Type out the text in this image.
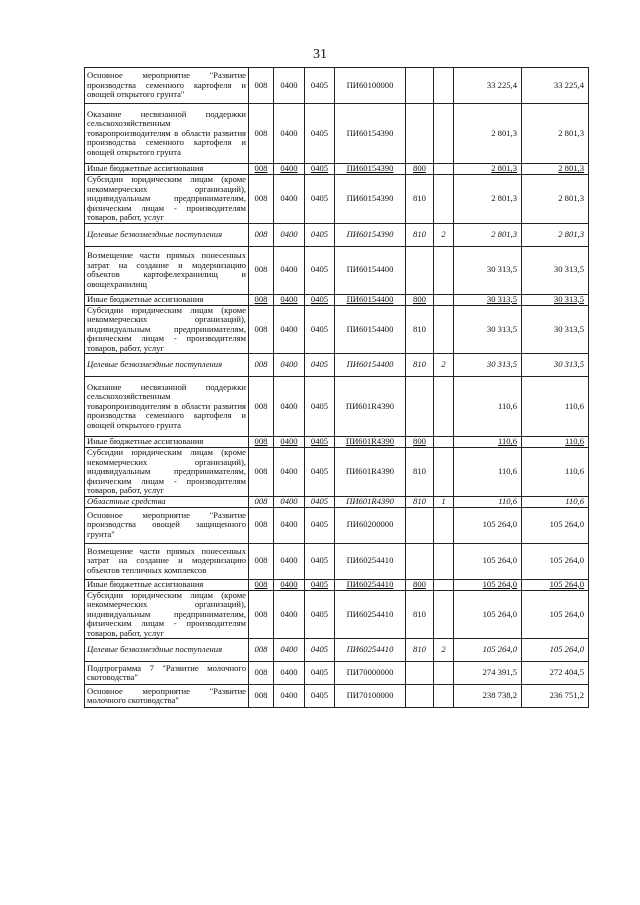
31
Основное мероприятие "Развитие производства семенного картофеля и овощей открытого грунта"	008	0400	0405	ПИ60100000			33 225,4	33 225,4
Оказание несвязанной поддержки сельскохозяйственным товаропроизводителям в области развития производства семенного картофеля и овощей открытого грунта	008	0400	0405	ПИ60154390			2 801,3	2 801,3
Иные бюджетные ассигнования	008	0400	0405	ПИ60154390	800		2 801,3	2 801,3
Субсидии юридическим лицам (кроме некоммерческих организаций), индивидуальным предпринимателям, физическим лицам - производителям товаров, работ, услуг	008	0400	0405	ПИ60154390	810		2 801,3	2 801,3
Целевые безвозмездные поступления	008	0400	0405	ПИ60154390	810	2	2 801,3	2 801,3
Возмещение части прямых понесенных затрат на создание и модернизацию объектов картофелехранилищ и овощехранилищ	008	0400	0405	ПИ60154400			30 313,5	30 313,5
Иные бюджетные ассигнования	008	0400	0405	ПИ60154400	800		30 313,5	30 313,5
Субсидии юридическим лицам (кроме некоммерческих организаций), индивидуальным предпринимателям, физическим лицам - производителям товаров, работ, услуг	008	0400	0405	ПИ60154400	810		30 313,5	30 313,5
Целевые безвозмездные поступления	008	0400	0405	ПИ60154400	810	2	30 313,5	30 313,5
Оказание несвязанной поддержки сельскохозяйственным товаропроизводителям в области развития производства семенного картофеля и овощей открытого грунта	008	0400	0405	ПИ601R4390			110,6	110,6
Иные бюджетные ассигнования	008	0400	0405	ПИ601R4390	800		110,6	110,6
Субсидии юридическим лицам (кроме некоммерческих организаций), индивидуальным предпринимателям, физическим лицам - производителям товаров, работ, услуг	008	0400	0405	ПИ601R4390	810		110,6	110,6
Областные средства	008	0400	0405	ПИ601R4390	810	1	110,6	110,6
Основное мероприятие "Развитие производства овощей защищенного грунта"	008	0400	0405	ПИ60200000			105 264,0	105 264,0
Возмещение части прямых понесенных затрат на создание и модернизацию объектов тепличных комплексов	008	0400	0405	ПИ60254410			105 264,0	105 264,0
Иные бюджетные ассигнования	008	0400	0405	ПИ60254410	800		105 264,0	105 264,0
Субсидии юридическим лицам (кроме некоммерческих организаций), индивидуальным предпринимателям, физическим лицам - производителям товаров, работ, услуг	008	0400	0405	ПИ60254410	810		105 264,0	105 264,0
Целевые безвозмездные поступления	008	0400	0405	ПИ60254410	810	2	105 264,0	105 264,0
Подпрограмма 7 "Развитие молочного скотоводства"	008	0400	0405	ПИ70000000			274 391,5	272 404,5
Основное мероприятие "Развитие молочного скотоводства"	008	0400	0405	ПИ70100000			238 738,2	236 751,2
